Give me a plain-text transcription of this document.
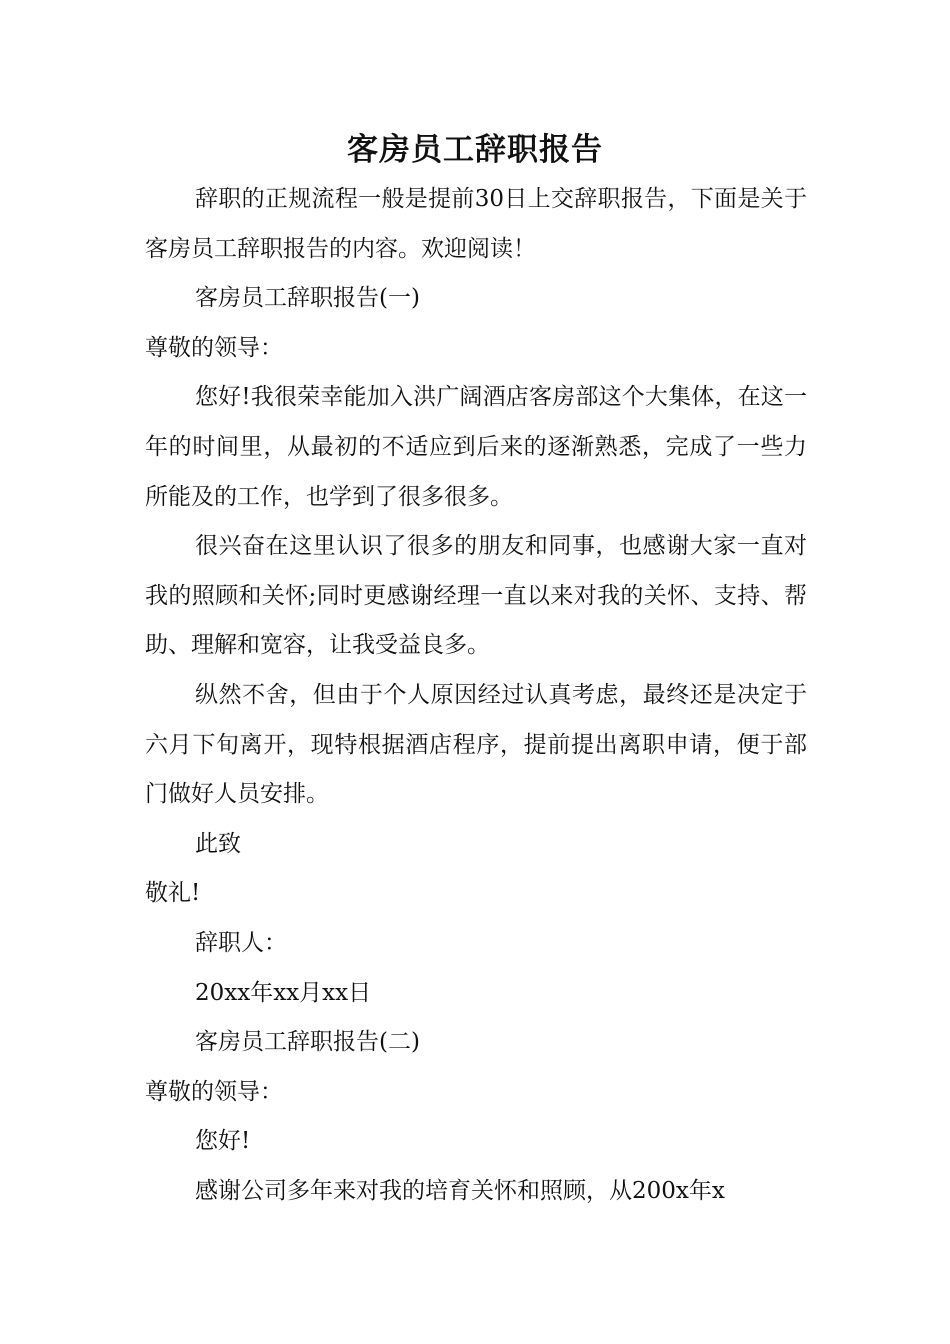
客房员工辞职报告

辞职的正规流程一般是提前30日上交辞职报告，下面是关于客房员工辞职报告的内容。欢迎阅读！

客房员工辞职报告(一)

尊敬的领导：

您好!我很荣幸能加入洪广阔酒店客房部这个大集体，在这一年的时间里，从最初的不适应到后来的逐渐熟悉，完成了一些力所能及的工作，也学到了很多很多。

很兴奋在这里认识了很多的朋友和同事，也感谢大家一直对我的照顾和关怀;同时更感谢经理一直以来对我的关怀、支持、帮助、理解和宽容，让我受益良多。

纵然不舍，但由于个人原因经过认真考虑，最终还是决定于六月下旬离开，现特根据酒店程序，提前提出离职申请，便于部门做好人员安排。

此致

敬礼!

辞职人：

20xx年xx月xx日

客房员工辞职报告(二)

尊敬的领导：

您好!

感谢公司多年来对我的培育关怀和照顾，从200x年x
